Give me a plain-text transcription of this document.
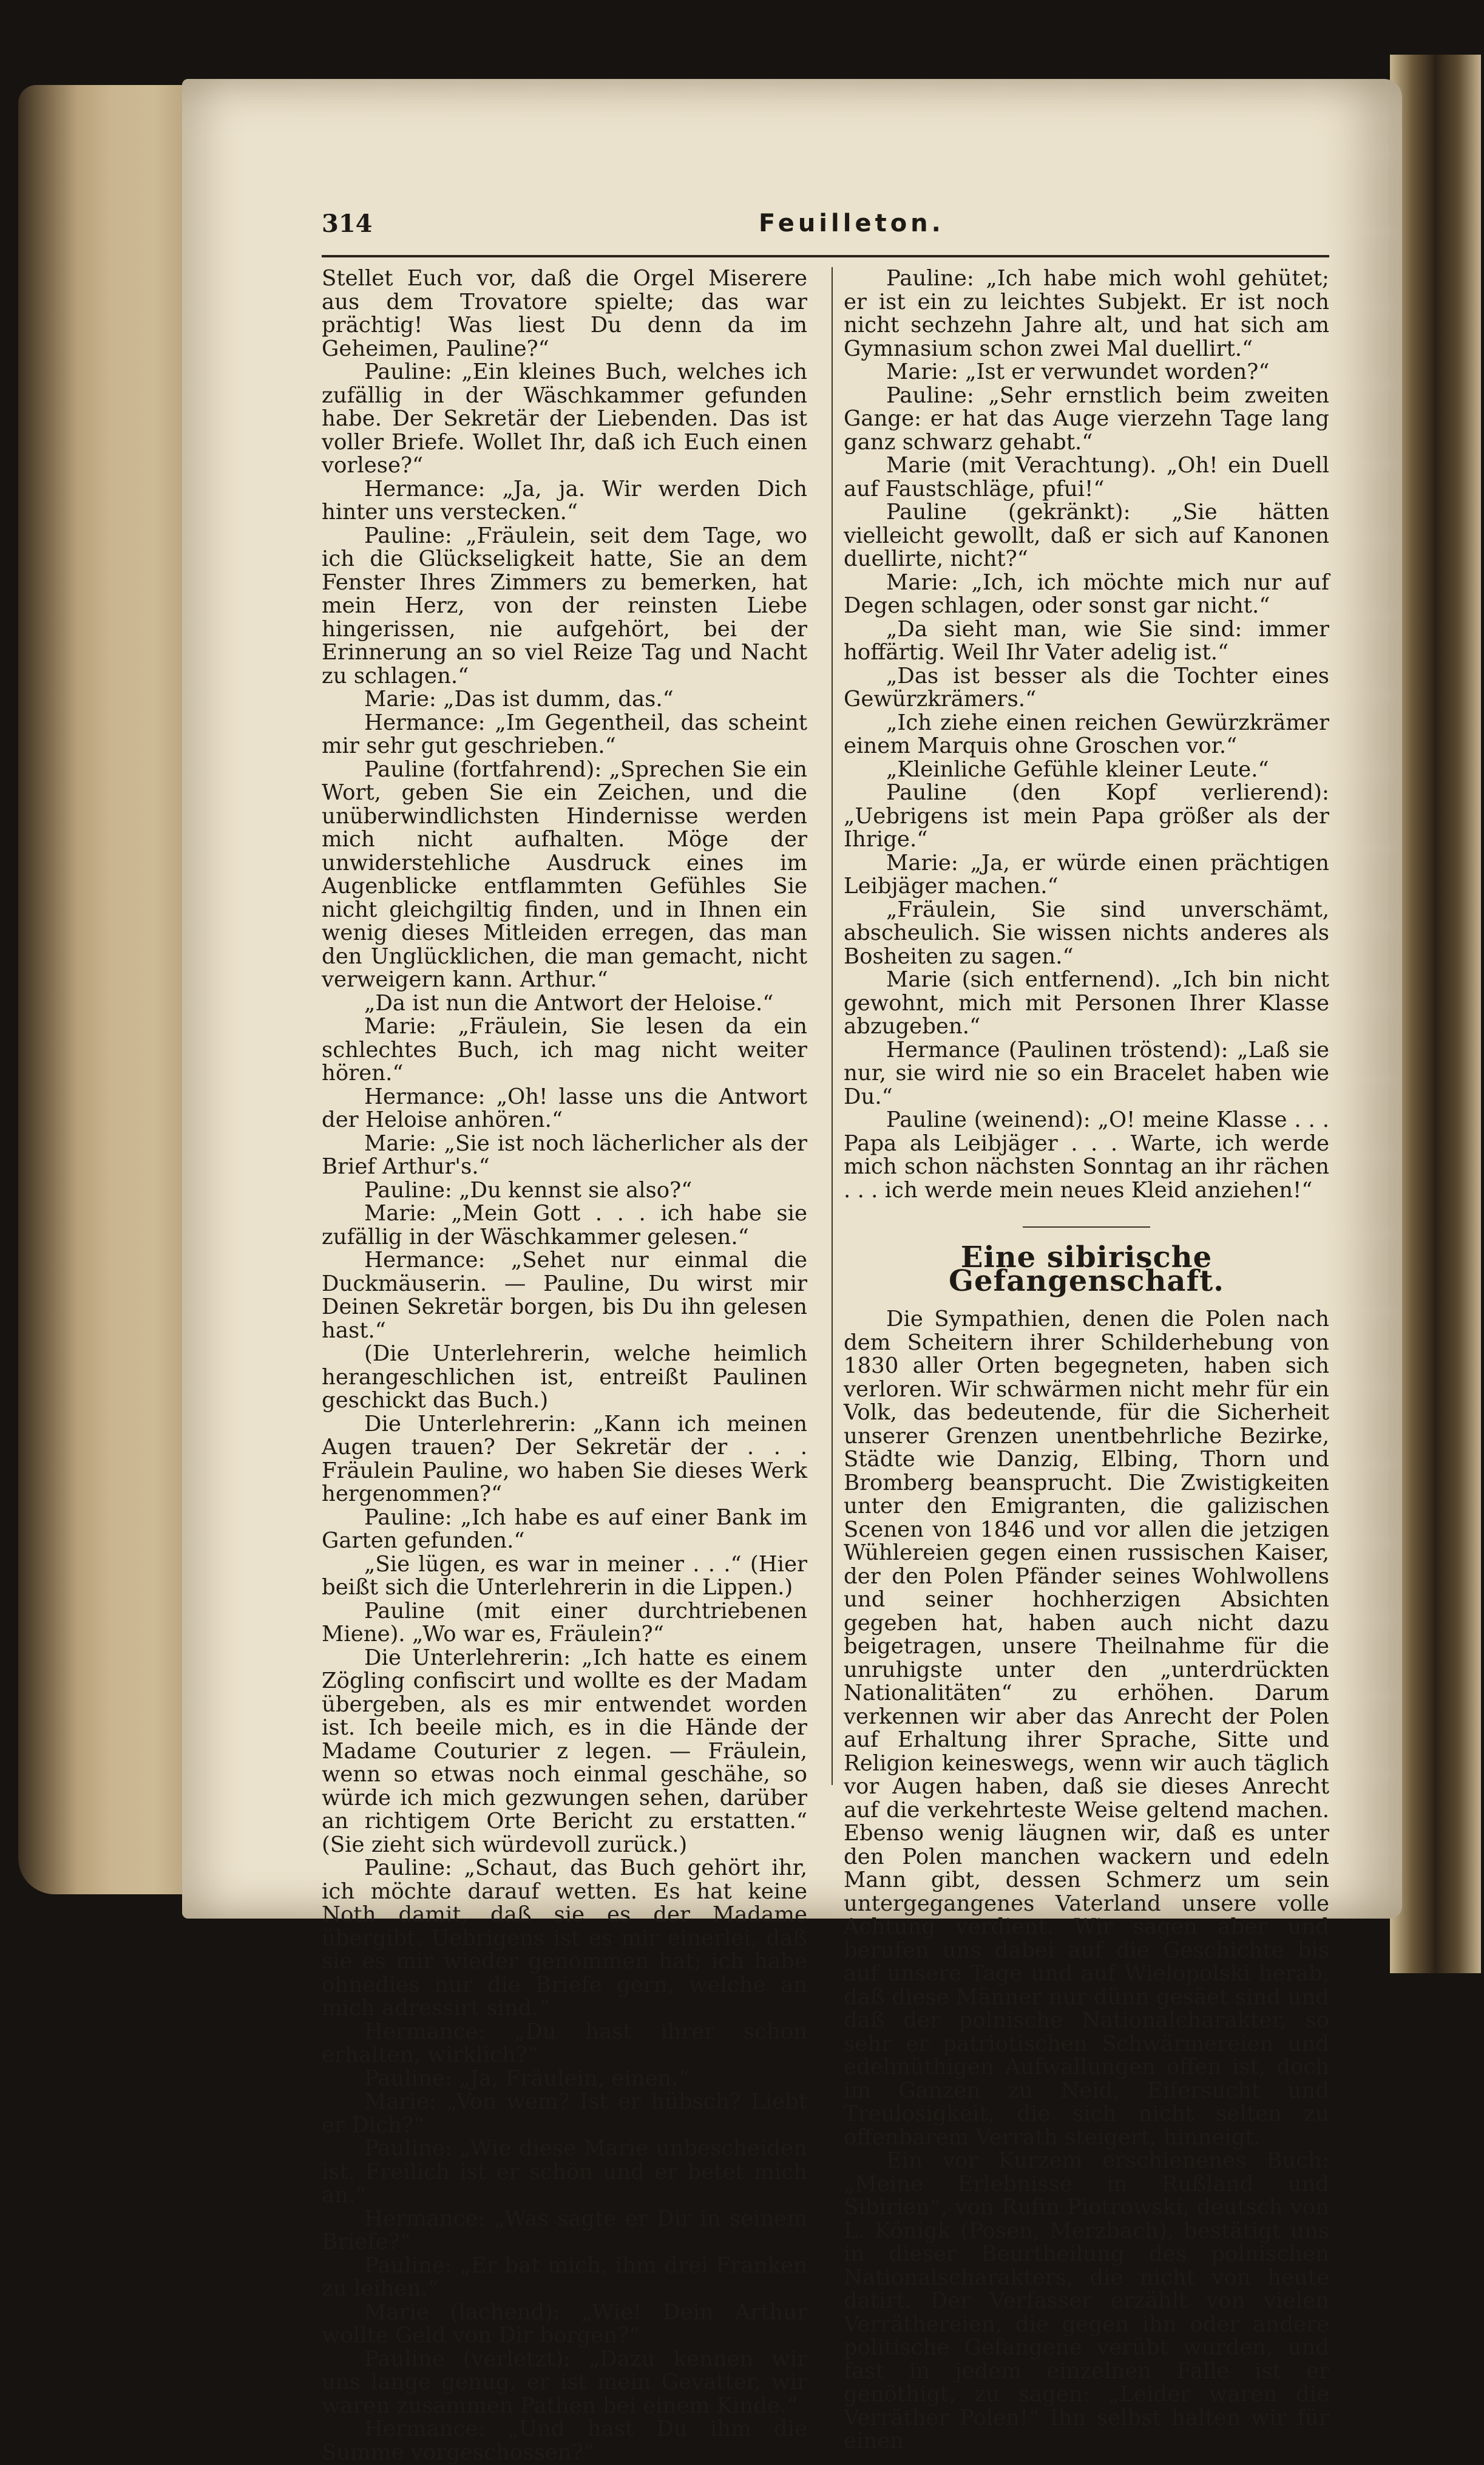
314	Feuilleton.

Stellet Euch vor, daß die Orgel Miserere aus dem Trovatore spielte; das war prächtig! Was liest Du denn da im Geheimen, Pauline?“

Pauline: „Ein kleines Buch, welches ich zufällig in der Wäschkammer gefunden habe. Der Sekretär der Liebenden. Das ist voller Briefe. Wollet Ihr, daß ich Euch einen vorlese?“

Hermance: „Ja, ja. Wir werden Dich hinter uns verstecken.“

Pauline: „Fräulein, seit dem Tage, wo ich die Glückseligkeit hatte, Sie an dem Fenster Ihres Zimmers zu bemerken, hat mein Herz, von der reinsten Liebe hingerissen, nie aufgehört, bei der Erinnerung an so viel Reize Tag und Nacht zu schlagen.“

Marie: „Das ist dumm, das.“

Hermance: „Im Gegentheil, das scheint mir sehr gut geschrieben.“

Pauline (fortfahrend): „Sprechen Sie ein Wort, geben Sie ein Zeichen, und die unüberwindlichsten Hindernisse werden mich nicht aufhalten. Möge der unwiderstehliche Ausdruck eines im Augenblicke entflammten Gefühles Sie nicht gleichgiltig finden, und in Ihnen ein wenig dieses Mitleiden erregen, das man den Unglücklichen, die man gemacht, nicht verweigern kann. Arthur.“

„Da ist nun die Antwort der Heloise.“

Marie: „Fräulein, Sie lesen da ein schlechtes Buch, ich mag nicht weiter hören.“

Hermance: „Oh! lasse uns die Antwort der Heloise anhören.“

Marie: „Sie ist noch lächerlicher als der Brief Arthur's.“

Pauline: „Du kennst sie also?“

Marie: „Mein Gott . . . ich habe sie zufällig in der Wäschkammer gelesen.“

Hermance: „Sehet nur einmal die Duckmäuserin. — Pauline, Du wirst mir Deinen Sekretär borgen, bis Du ihn gelesen hast.“

(Die Unterlehrerin, welche heimlich herangeschlichen ist, entreißt Paulinen geschickt das Buch.)

Die Unterlehrerin: „Kann ich meinen Augen trauen? Der Sekretär der . . . Fräulein Pauline, wo haben Sie dieses Werk hergenommen?“

Pauline: „Ich habe es auf einer Bank im Garten gefunden.“

„Sie lügen, es war in meiner . . .“ (Hier beißt sich die Unterlehrerin in die Lippen.)

Pauline (mit einer durchtriebenen Miene). „Wo war es, Fräulein?“

Die Unterlehrerin: „Ich hatte es einem Zögling confiscirt und wollte es der Madam übergeben, als es mir entwendet worden ist. Ich beeile mich, es in die Hände der Madame Couturier z legen. — Fräulein, wenn so etwas noch einmal geschähe, so würde ich mich gezwungen sehen, darüber an richtigem Orte Bericht zu erstatten.“ (Sie zieht sich würdevoll zurück.)

Pauline: „Schaut, das Buch gehört ihr, ich möchte darauf wetten. Es hat keine Noth damit, daß sie es der Madame übergibt. Uebrigens ist es mir einerlei, daß sie es mir wieder genommen hat; ich habe ohnedies nur die Briefe gern, welche an mich adressirt sind.“

Hermance: „Du hast ihrer schon erhalten, wirklich?“

Pauline: „Ja, Fräulein, einen.“

Marie: „Von wem? Ist er hübsch? Liebt er Dich?“

Pauline: „Wie diese Marie unbescheiden ist. Freilich ist er schön und er betet mich an.“

Hermance: „Was sagte er Dir in seinem Briefe?“

Pauline: „Er bat mich, ihm drei Franken zu leihen.“

Marie (lachend): „Wie! Dein Arthur wollte Geld von Dir borgen?“

Pauline (verletzt): „Dazu kennen wir uns lange genug, er ist mein Gevatter, wir waren zusammen Pathen bei einem Kinde.“

Hermance: „Und hast Du ihm die Summe vorgeschossen?“

Pauline: „Ich habe mich wohl gehütet; er ist ein zu leichtes Subjekt. Er ist noch nicht sechzehn Jahre alt, und hat sich am Gymnasium schon zwei Mal duellirt.“

Marie: „Ist er verwundet worden?“

Pauline: „Sehr ernstlich beim zweiten Gange: er hat das Auge vierzehn Tage lang ganz schwarz gehabt.“

Marie (mit Verachtung). „Oh! ein Duell auf Faustschläge, pfui!“

Pauline (gekränkt): „Sie hätten vielleicht gewollt, daß er sich auf Kanonen duellirte, nicht?“

Marie: „Ich, ich möchte mich nur auf Degen schlagen, oder sonst gar nicht.“

„Da sieht man, wie Sie sind: immer hoffärtig. Weil Ihr Vater adelig ist.“

„Das ist besser als die Tochter eines Gewürzkrämers.“

„Ich ziehe einen reichen Gewürzkrämer einem Marquis ohne Groschen vor.“

„Kleinliche Gefühle kleiner Leute.“

Pauline (den Kopf verlierend): „Uebrigens ist mein Papa größer als der Ihrige.“

Marie: „Ja, er würde einen prächtigen Leibjäger machen.“

„Fräulein, Sie sind unverschämt, abscheulich. Sie wissen nichts anderes als Bosheiten zu sagen.“

Marie (sich entfernend). „Ich bin nicht gewohnt, mich mit Personen Ihrer Klasse abzugeben.“

Hermance (Paulinen tröstend): „Laß sie nur, sie wird nie so ein Bracelet haben wie Du.“

Pauline (weinend): „O! meine Klasse . . . Papa als Leibjäger . . . Warte, ich werde mich schon nächsten Sonntag an ihr rächen . . . ich werde mein neues Kleid anziehen!“

Eine sibirische Gefangenschaft.

Die Sympathien, denen die Polen nach dem Scheitern ihrer Schilderhebung von 1830 aller Orten begegneten, haben sich verloren. Wir schwärmen nicht mehr für ein Volk, das bedeutende, für die Sicherheit unserer Grenzen unentbehrliche Bezirke, Städte wie Danzig, Elbing, Thorn und Bromberg beansprucht. Die Zwistigkeiten unter den Emigranten, die galizischen Scenen von 1846 und vor allen die jetzigen Wühlereien gegen einen russischen Kaiser, der den Polen Pfänder seines Wohlwollens und seiner hochherzigen Absichten gegeben hat, haben auch nicht dazu beigetragen, unsere Theilnahme für die unruhigste unter den „unterdrückten Nationalitäten“ zu erhöhen. Darum verkennen wir aber das Anrecht der Polen auf Erhaltung ihrer Sprache, Sitte und Religion keineswegs, wenn wir auch täglich vor Augen haben, daß sie dieses Anrecht auf die verkehrteste Weise geltend machen. Ebenso wenig läugnen wir, daß es unter den Polen manchen wackern und edeln Mann gibt, dessen Schmerz um sein untergegangenes Vaterland unsere volle Achtung verdient. Wir sagen aber und berufen uns dabei auf die Geschichte bis auf unsere Tage und auf Wielopolski herab, daß diese Männer nur dünn gesäet sind und daß der polnische Nationalcharakter, so sehr er patriotischen Schwärmereien und edelmüthigen Aufwallungen offen ist, doch im Ganzen zu Neid, Eifersucht und Treulosigkeit, die sich nicht selten zu offenbarem Verrath steigert, hinneigt.

Ein vor Kurzem erschienenes Buch: „Meine Erlebnisse in Rußland und Sibirien“, von Rufin Piotrowski, deutsch von L. Königk (Posen, Merzbach), bestätigt uns in dieser Beurtheilung des polnischen Nationalscharakters, die nicht von heute datirt. Der Verfasser erzählt von vielen Verräthereien, die gegen ihn oder andere politische Gefangene verübt wurden, und fast in jedem einzelnen Falle ist er genöthigt, zu sagen: „Leider waren die Verräther Polen!“ Ihn selbst halten wir für einen
